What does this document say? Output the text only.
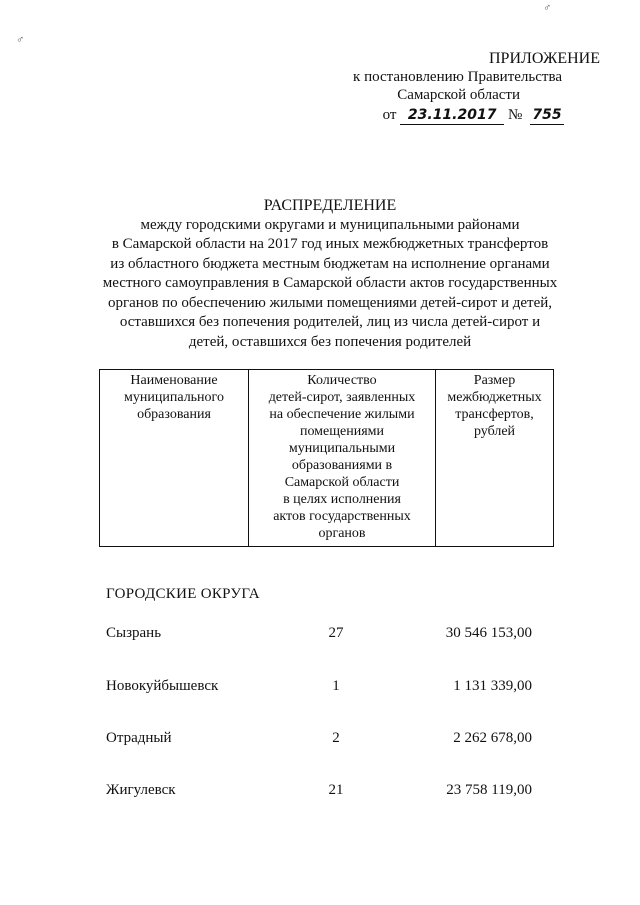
♂
♂
ПРИЛОЖЕНИЕ
к постановлению Правительства
Самарской области
от 23.11.2017 № 755
РАСПРЕДЕЛЕНИЕ
между городскими округами и муниципальными районами
в Самарской области на 2017 год иных межбюджетных трансфертов
из областного бюджета местным бюджетам на исполнение органами
местного самоуправления в Самарской области актов государственных
органов по обеспечению жилыми помещениями детей-сирот и детей,
оставшихся без попечения родителей, лиц из числа детей-сирот и
детей, оставшихся без попечения родителей
Наименование
муниципального
образования

Количество
детей-сирот, заявленных
на обеспечение жилыми
помещениями
муниципальными
образованиями в
Самарской области
в целях исполнения
актов государственных
органов

Размер
межбюджетных
трансфертов,
рублей
ГОРОДСКИЕ ОКРУГА
Сызрань	27	30 546 153,00
Новокуйбышевск	1	1 131 339,00
Отрадный	2	2 262 678,00
Жигулевск	21	23 758 119,00
